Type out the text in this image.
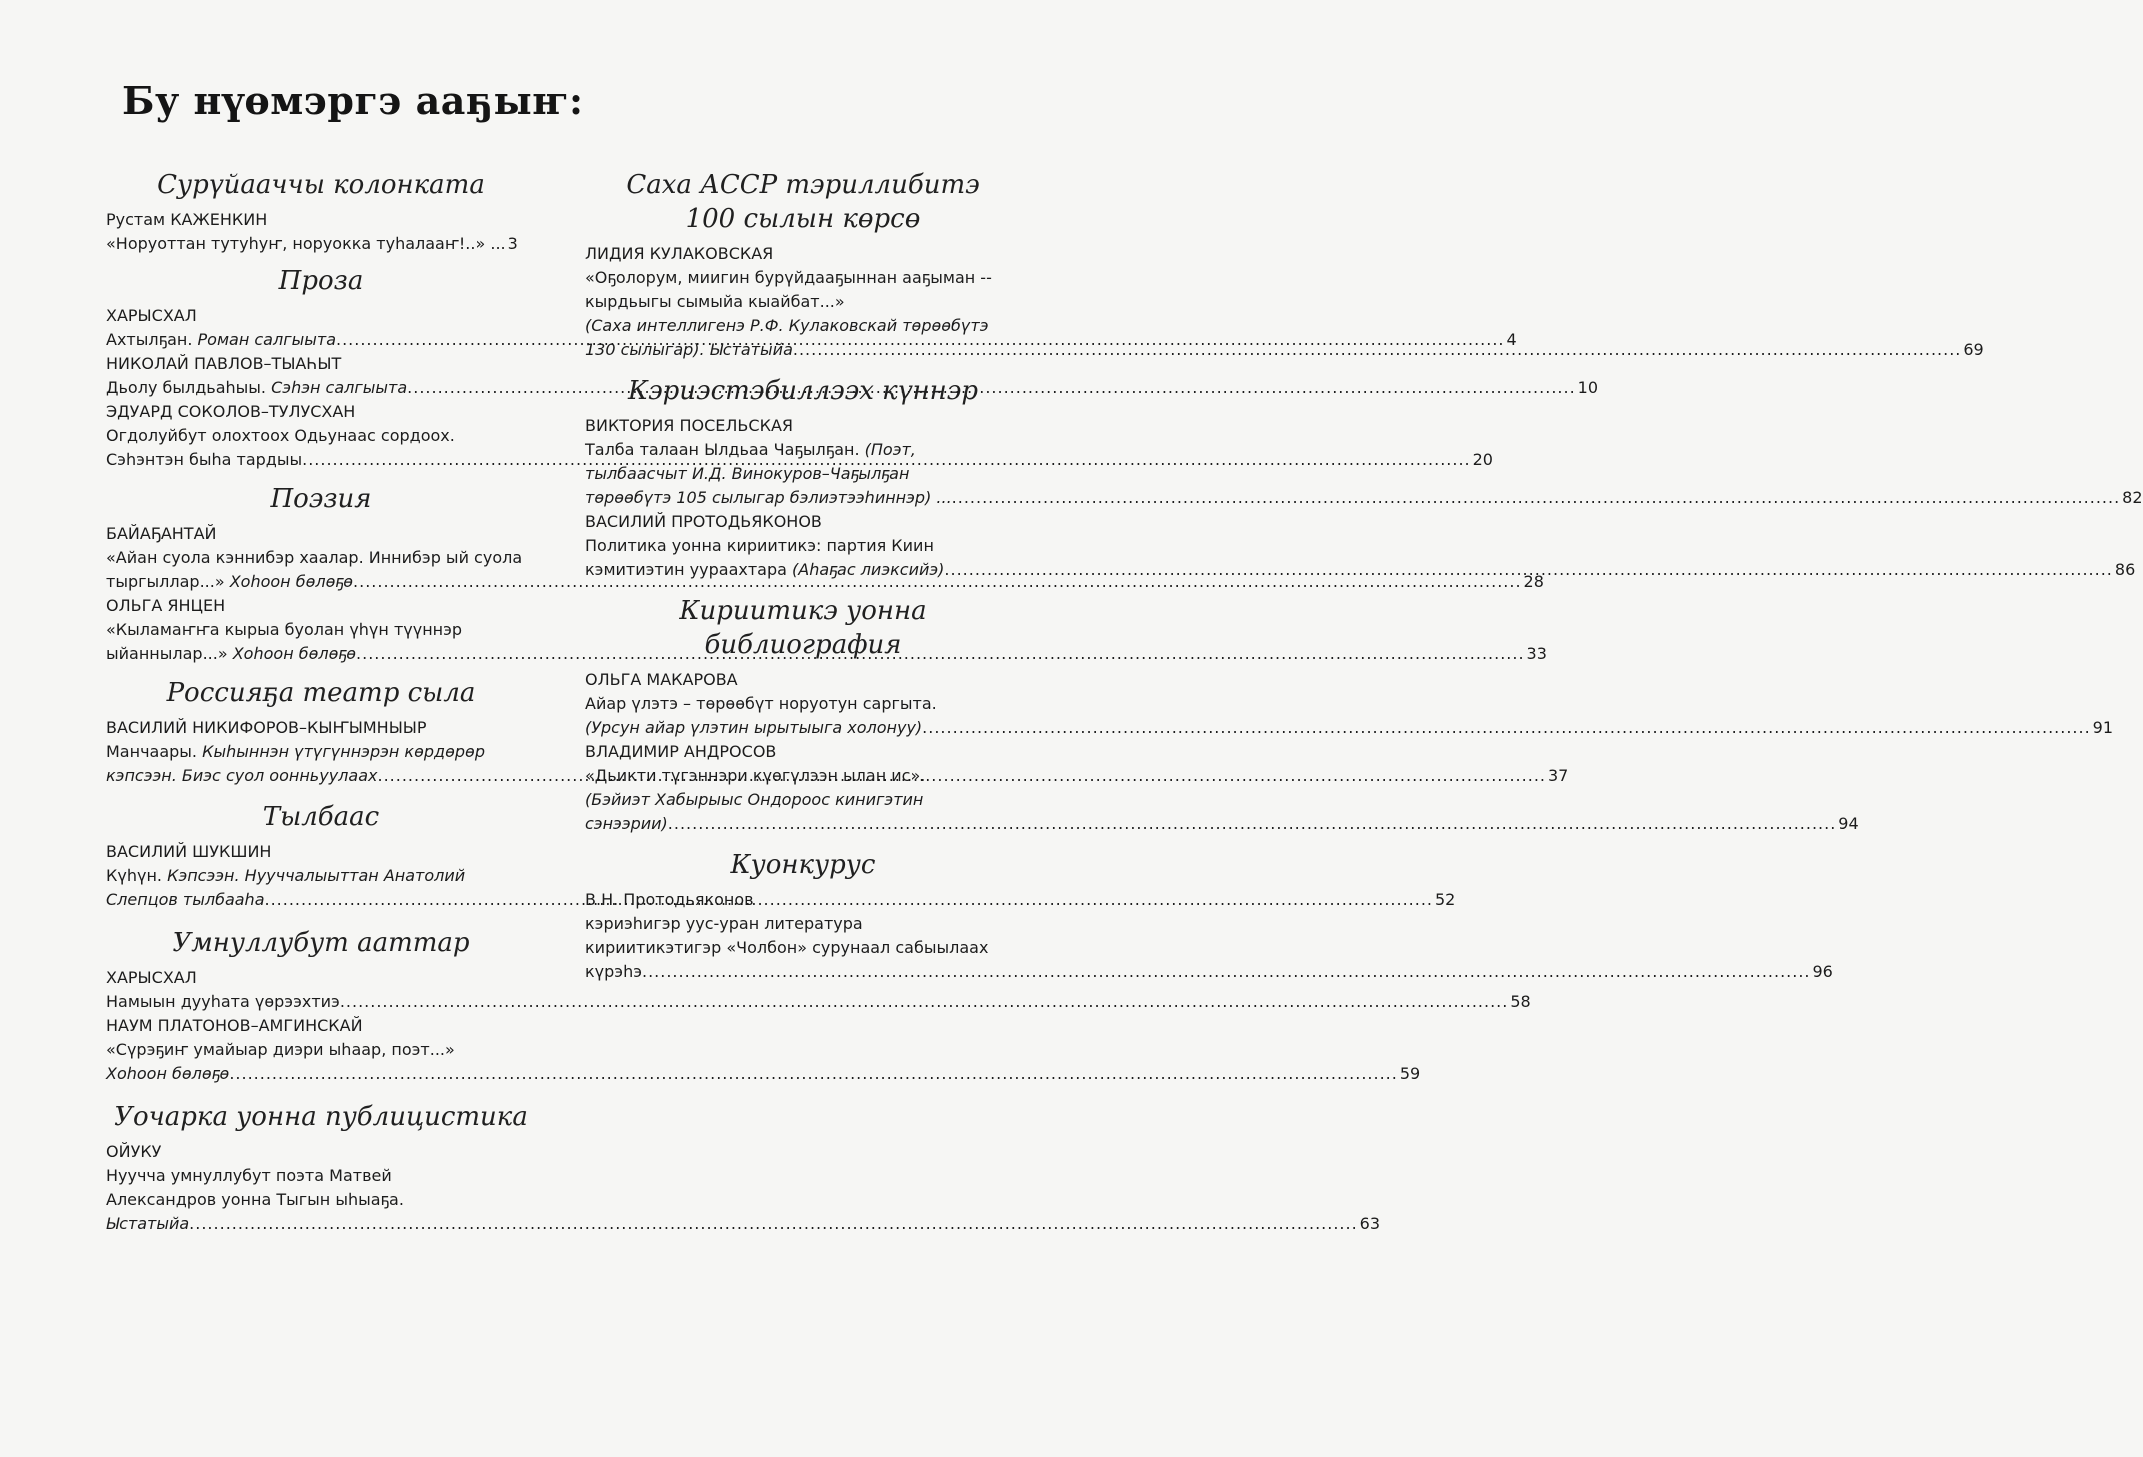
Бу нүөмэргэ ааҕыҥ:
Сурүйааччы колонката
Рустам КАЖЕНКИН
«Норуоттан тутуһуҥ, норуокка туһалааҥ!..» ... 3
Проза
ХАРЫСХАЛ
Ахтылҕан. Роман салгыыта .....	4
НИКОЛАЙ ПАВЛОВ–ТЫАҺЫТ
Дьолу былдьаһыы. Сэһэн салгыыта .....	10
ЭДУАРД СОКОЛОВ–ТУЛУСХАН
Огдолуйбут олохтоох Одьунаас сордоох.
Сэһэнтэн быһа тардыы .....	20
Поэзия
БАЙАҔАНТАЙ
«Айан суола кэннибэр хаалар. Иннибэр ый суола
тыргыллар...» Хоһоон бөлөҕө .....	28
ОЛЬГА ЯНЦЕН
«Кыламаҥҥа кырыа буолан үһүн түүннэр
ыйаннылар...» Хоһоон бөлөҕө .....	33
Россияҕа театр сыла
ВАСИЛИЙ НИКИФОРОВ–КЫҤЫМНЫЫР
Манчаары. Кыһыннэн үтүгүннэрэн көрдөрөр
кэпсээн. Биэс суол оонньуулаах .....	37
Тылбаас
ВАСИЛИЙ ШУКШИН
Күһүн. Кэпсээн. Нууччалыыттан Анатолий
Слепцов тылбааһа .....	52
Умнуллубут ааттар
ХАРЫСХАЛ
Намыын дууһата үөрээхтиэ .....	58
НАУМ ПЛАТОНОВ–АМГИНСКАЙ
«Сүрэҕиҥ умайыар диэри ыһаар, поэт...»
Хоһоон бөлөҕө .....	59
Уочарка уонна публицистика
ОЙУКУ
Нуучча умнуллубут поэта Матвей
Александров уонна Тыгын ыһыаҕа.
Ыстатыйа .....	63
Саха АССР тэриллибитэ 100 сылын көрсө
ЛИДИЯ КУЛАКОВСКАЯ
«Оҕолорум, миигин бурүйдааҕыннан ааҕыман --
кырдьыгы сымыйа кыайбат...»
(Саха интеллигенэ Р.Ф. Кулаковскай төрөөбүтэ
130 сылыгар). Ыстатыйа .....	69
Кэриэстэбиллээх күннэр
ВИКТОРИЯ ПОСЕЛЬСКАЯ
Талба талаан Ылдьаа Чаҕылҕан. (Поэт,
тылбаасчыт И.Д. Винокуров–Чаҕылҕан
төрөөбүтэ 105 сылыгар бэлиэтээһиннэр) ... .....	82
ВАСИЛИЙ ПРОТОДЬЯКОНОВ
Политика уонна кириитикэ: партия Киин
кэмитиэтин уураахтара (Аһаҕас лиэксийэ) .....	86
Кириитикэ уонна библиография
ОЛЬГА МАКАРОВА
Айар үлэтэ – төрөөбүт норуотун саргыта.
(Урсун айар үлэтин ырытыыга холонуу) .....	91
ВЛАДИМИР АНДРОСОВ
«Дьикти түгэннэри күөгүлээн ылан ис».
(Бэйиэт Хабырыыс Ондороос кинигэтин
сэнээрии) .....	94
Куонкурус
В.Н. Протодьяконов
кэриэһигэр уус-уран литература
кириитикэтигэр «Чолбон» сурунаал сабыылаах
күрэһэ .....	96
